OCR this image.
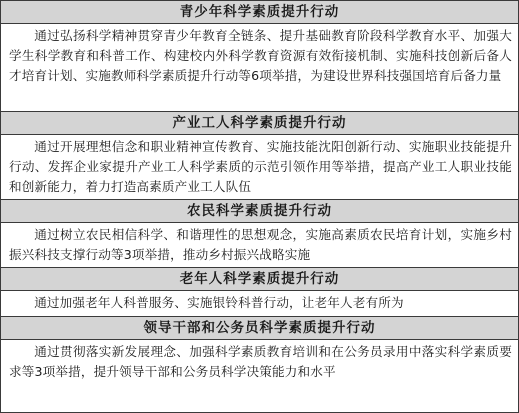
青少年科学素质提升行动
通过弘扬科学精神贯穿青少年教育全链条、提升基础教育阶段科学教育水平、加强大学生科学教育和科普工作、构建校内外科学教育资源有效衔接机制、实施科技创新后备人才培育计划、实施教师科学素质提升行动等6项举措，为建设世界科技强国培育后备力量
产业工人科学素质提升行动
通过开展理想信念和职业精神宣传教育、实施技能沈阳创新行动、实施职业技能提升行动、发挥企业家提升产业工人科学素质的示范引领作用等举措，提高产业工人职业技能和创新能力，着力打造高素质产业工人队伍
农民科学素质提升行动
通过树立农民相信科学、和谐理性的思想观念，实施高素质农民培育计划，实施乡村振兴科技支撑行动等3项举措，推动乡村振兴战略实施
老年人科学素质提升行动
通过加强老年人科普服务、实施银铃科普行动，让老年人老有所为
领导干部和公务员科学素质提升行动
通过贯彻落实新发展理念、加强科学素质教育培训和在公务员录用中落实科学素质要求等3项举措，提升领导干部和公务员科学决策能力和水平
